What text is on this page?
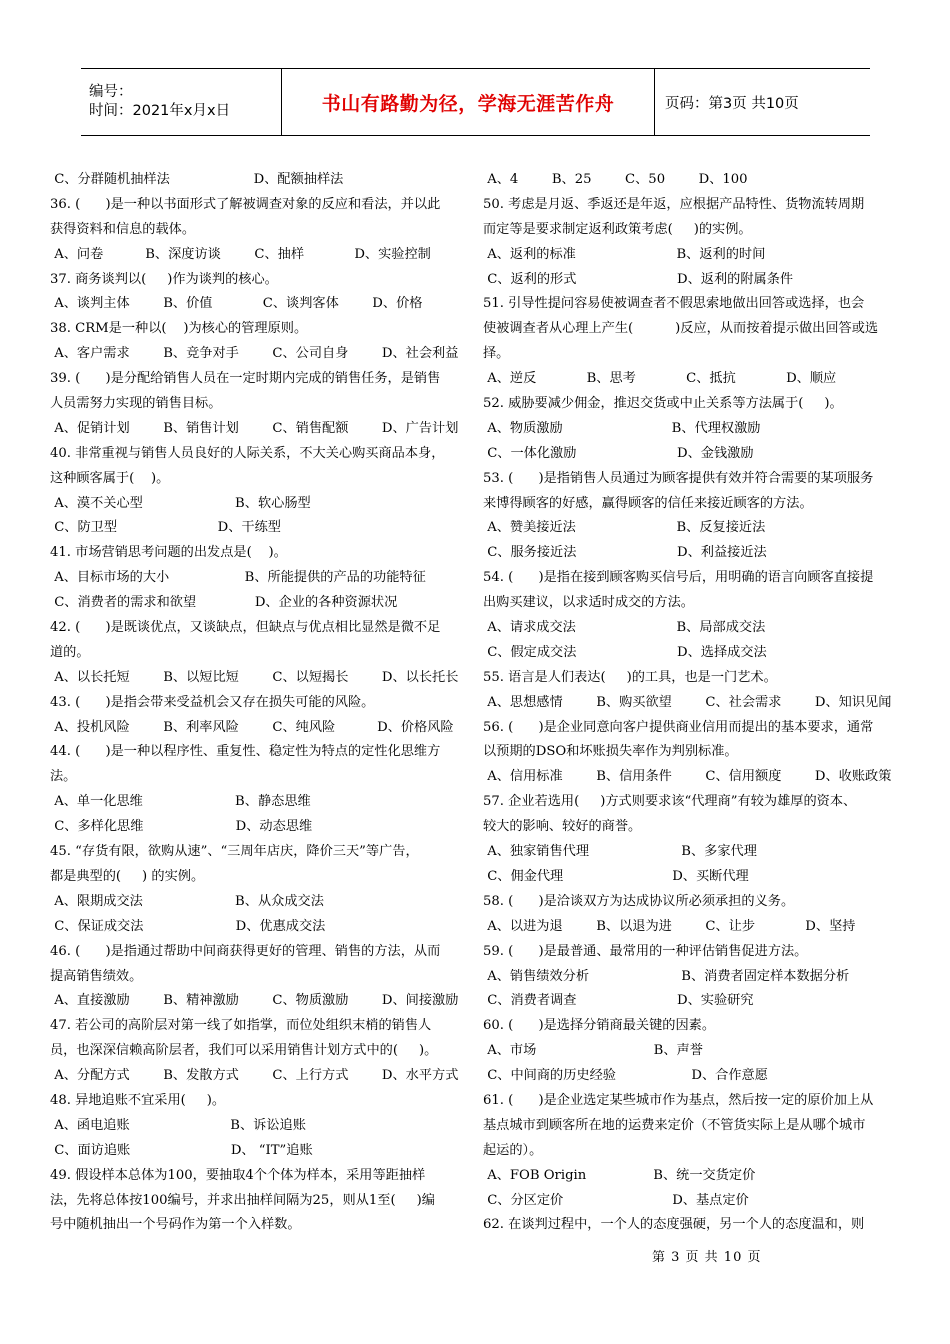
编号：
时间：2021年x月x日	书山有路勤为径，学海无涯苦作舟	页码：第3页 共10页
C、分群随机抽样法                    D、配额抽样法
36. (      )是一种以书面形式了解被调查对象的反应和看法，并以此
获得资料和信息的载体。
A、问卷          B、深度访谈        C、抽样            D、实验控制
37. 商务谈判以(     )作为谈判的核心。
A、谈判主体        B、价值            C、谈判客体        D、价格
38. CRM是一种以(    )为核心的管理原则。
A、客户需求        B、竞争对手        C、公司自身        D、社会利益
39. (      )是分配给销售人员在一定时期内完成的销售任务，是销售
人员需努力实现的销售目标。
A、促销计划        B、销售计划        C、销售配额        D、广告计划
40. 非常重视与销售人员良好的人际关系，不大关心购买商品本身，
这种顾客属于(    )。
A、漠不关心型                      B、软心肠型
C、防卫型                        D、干练型
41. 市场营销思考问题的出发点是(    )。
A、目标市场的大小                  B、所能提供的产品的功能特征
C、消费者的需求和欲望              D、企业的各种资源状况
42. (      )是既谈优点，又谈缺点，但缺点与优点相比显然是微不足
道的。
A、以长托短        B、以短比短        C、以短揭长        D、以长托长
43. (      )是指会带来受益机会又存在损失可能的风险。
A、投机风险        B、利率风险        C、纯风险          D、价格风险
44. (      )是一种以程序性、重复性、稳定性为特点的定性化思维方
法。
A、单一化思维                      B、静态思维
C、多样化思维                      D、动态思维
45. “存货有限，欲购从速”、“三周年店庆，降价三天”等广告，
都是典型的(     ) 的实例。
A、限期成交法                      B、从众成交法
C、保证成交法                      D、优惠成交法
46. (      )是指通过帮助中间商获得更好的管理、销售的方法，从而
提高销售绩效。
A、直接激励        B、精神激励        C、物质激励        D、间接激励
47. 若公司的高阶层对第一线了如指掌，而位处组织末梢的销售人
员，也深深信赖高阶层者，我们可以采用销售计划方式中的(     )。
A、分配方式        B、发散方式        C、上行方式        D、水平方式
48. 异地追账不宜采用(     )。
A、函电追账                        B、诉讼追账
C、面访追账                        D、 “IT”追账
49. 假设样本总体为100，要抽取4个个体为样本，采用等距抽样
法，先将总体按100编号，并求出抽样间隔为25，则从1至(     )编
号中随机抽出一个号码作为第一个入样数。
A、4        B、25        C、50        D、100
50. 考虑是月返、季返还是年返，应根据产品特性、货物流转周期
而定等是要求制定返利政策考虑(     )的实例。
A、返利的标准                        B、返利的时间
C、返利的形式                        D、返利的附属条件
51. 引导性提问容易使被调查者不假思索地做出回答或选择，也会
使被调查者从心理上产生(          )反应，从而按着提示做出回答或选
择。
A、逆反            B、思考            C、抵抗            D、顺应
52. 威胁要减少佣金，推迟交货或中止关系等方法属于(     )。
A、物质激励                          B、代理权激励
C、一体化激励                        D、金钱激励
53. (      )是指销售人员通过为顾客提供有效并符合需要的某项服务
来博得顾客的好感，赢得顾客的信任来接近顾客的方法。
A、赞美接近法                        B、反复接近法
C、服务接近法                        D、利益接近法
54. (      )是指在接到顾客购买信号后，用明确的语言向顾客直接提
出购买建议，以求适时成交的方法。
A、请求成交法                        B、局部成交法
C、假定成交法                        D、选择成交法
55. 语言是人们表达(     )的工具，也是一门艺术。
A、思想感情        B、购买欲望        C、社会需求        D、知识见闻
56. (      )是企业同意向客户提供商业信用而提出的基本要求，通常
以预期的DSO和坏账损失率作为判别标准。
A、信用标准        B、信用条件        C、信用额度        D、收账政策
57. 企业若选用(     )方式则要求该“代理商”有较为雄厚的资本、
较大的影响、较好的商誉。
A、独家销售代理                      B、多家代理
C、佣金代理                          D、买断代理
58. (      )是洽谈双方为达成协议所必须承担的义务。
A、以进为退        B、以退为进        C、让步            D、坚持
59. (      )是最普通、最常用的一种评估销售促进方法。
A、销售绩效分析                      B、消费者固定样本数据分析
C、消费者调查                        D、实验研究
60. (      )是选择分销商最关键的因素。
A、市场                            B、声誉
C、中间商的历史经验                  D、合作意愿
61. (      )是企业选定某些城市作为基点，然后按一定的原价加上从
基点城市到顾客所在地的运费来定价（不管货实际上是从哪个城市
起运的）。
A、FOB Origin                B、统一交货定价
C、分区定价                          D、基点定价
62. 在谈判过程中，一个人的态度强硬，另一个人的态度温和，则
第 3 页 共 10 页
